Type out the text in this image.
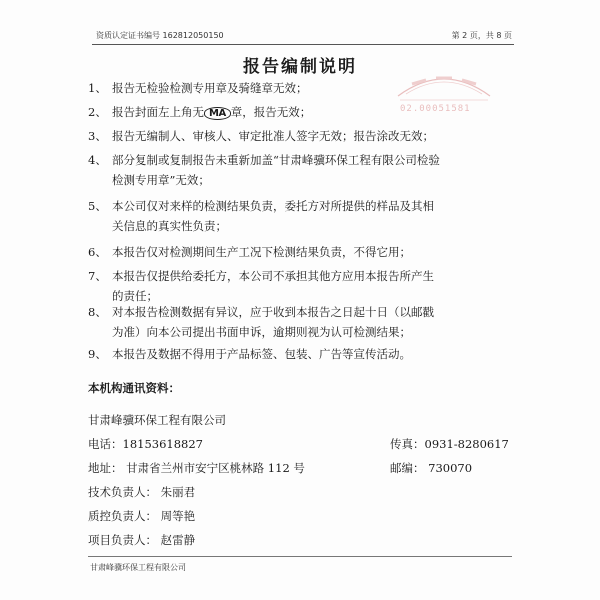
资质认定证书编号 162812050150	第 2 页，共 8 页
报告编制说明
02.00051581
1、 报告无检验检测专用章及骑缝章无效；
2、 报告封面左上角无 MA 章，报告无效；
3、 报告无编制人、审核人、审定批准人签字无效；报告涂改无效；
4、 部分复制或复制报告未重新加盖“甘肃峰骥环保工程有限公司检验
检测专用章”无效；
5、 本公司仅对来样的检测结果负责，委托方对所提供的样品及其相
关信息的真实性负责；
6、 本报告仅对检测期间生产工况下检测结果负责，不得它用；
7、 本报告仅提供给委托方，本公司不承担其他方应用本报告所产生
的责任；
8、 对本报告检测数据有异议，应于收到本报告之日起十日（以邮戳
为准）向本公司提出书面申诉，逾期则视为认可检测结果；
9、 本报告及数据不得用于产品标签、包装、广告等宣传活动。
本机构通讯资料：
甘肃峰骥环保工程有限公司
电话：18153618827	传真：0931-8280617
地址： 甘肃省兰州市安宁区桃林路 112 号	邮编： 730070
技术负责人： 朱丽君
质控负责人： 周等艳
项目负责人： 赵雷静
甘肃峰骥环保工程有限公司
